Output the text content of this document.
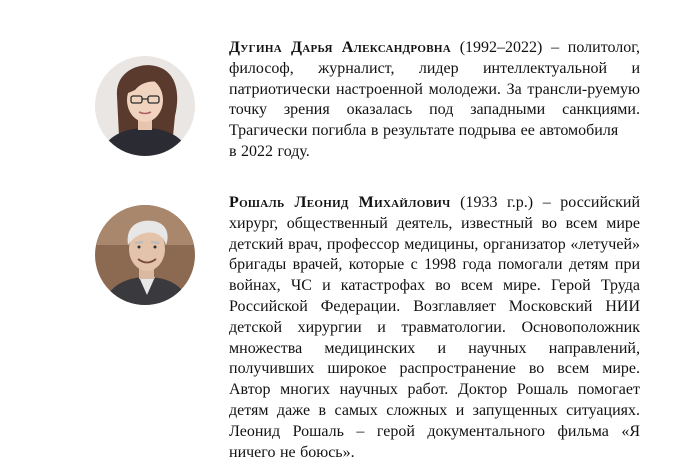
Дугина Дарья Александровна (1992–2022) – политолог, философ, журналист, лидер интеллектуальной и патриотически настроенной молодежи. За трансли-руемую точку зрения оказалась под западными санкциями. Трагически погибла в результате подрыва ее автомобиля
в 2022 году.
Рошаль Леонид Михайлович (1933 г.р.) – российский хирург, общественный деятель, известный во всем мире детский врач, профессор медицины, организатор «летучей» бригады врачей, которые с 1998 года помогали детям при войнах, ЧС и катастрофах во всем мире. Герой Труда Российской Федерации. Возглавляет Московский НИИ детской хирургии и травматологии. Основоположник множества медицинских и научных направлений, получивших широкое распространение во всем мире. Автор многих научных работ. Доктор Рошаль помогает детям даже в самых сложных и запущенных ситуациях. Леонид Рошаль – герой документального фильма «Я ничего не боюсь».
